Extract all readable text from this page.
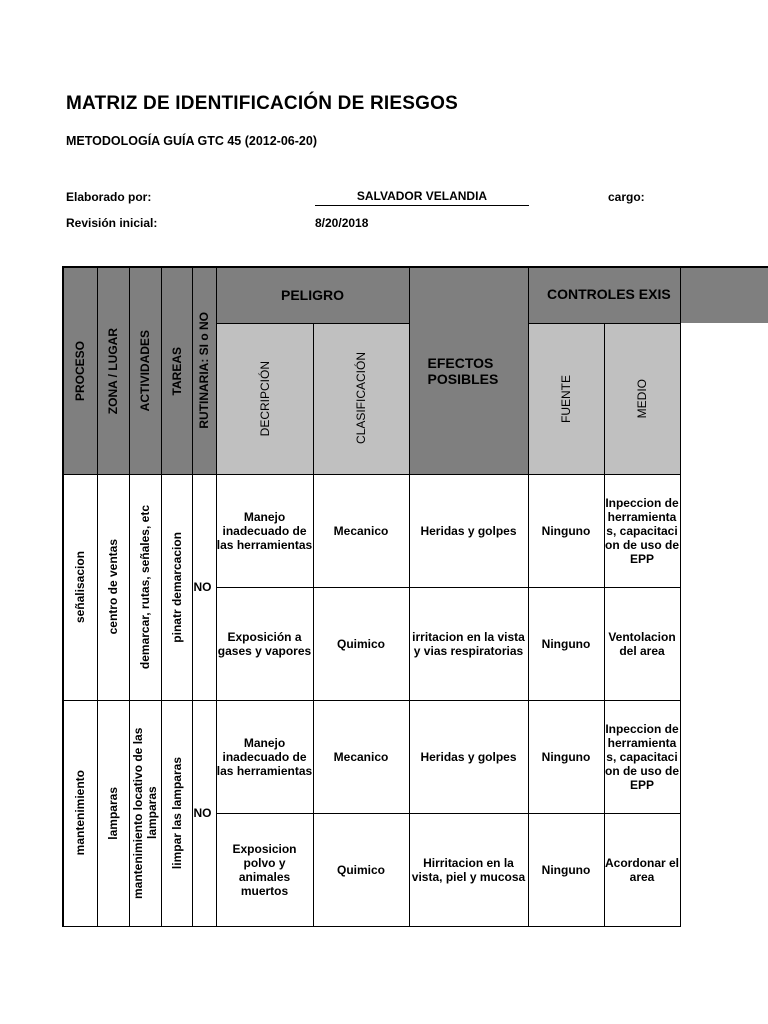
MATRIZ DE IDENTIFICACIÓN DE RIESGOS
METODOLOGÍA GUÍA GTC 45 (2012-06-20)
Elaborado por:	SALVADOR VELANDIA	cargo:
Revisión inicial:	8/20/2018
PROCESO	ZONA / LUGAR	ACTIVIDADES	TAREAS	RUTINARIA: SI o NO	PELIGRO		EFECTOS POSIBLES		

					DECRIPCIÓN	CLASIFICACIÓN		FUENTE	MEDIO

señalisacion	centro de ventas	demarcar, rutas, señales, etc	pinatr demarcacion	NO	Manejo inadecuado de las herramientas	Mecanico	Heridas y golpes	Ninguno	Inpeccion de herramientas, capacitacion de uso de EPP
					Exposición a gases y vapores	Quimico	irritacion en la vista y vias respiratorias	Ninguno	Ventolacion del area

mantenimiento	lamparas	mantenimiento locativo de las lamparas	limpar las lamparas	NO	Manejo inadecuado de las herramientas	Mecanico	Heridas y golpes	Ninguno	Inpeccion de herramientas, capacitacion de uso de EPP
					Exposicion polvo y animales muertos	Quimico	Hirritacion en la vista, piel y mucosa	Ninguno	Acordonar el area
CONTROLES EXIS
